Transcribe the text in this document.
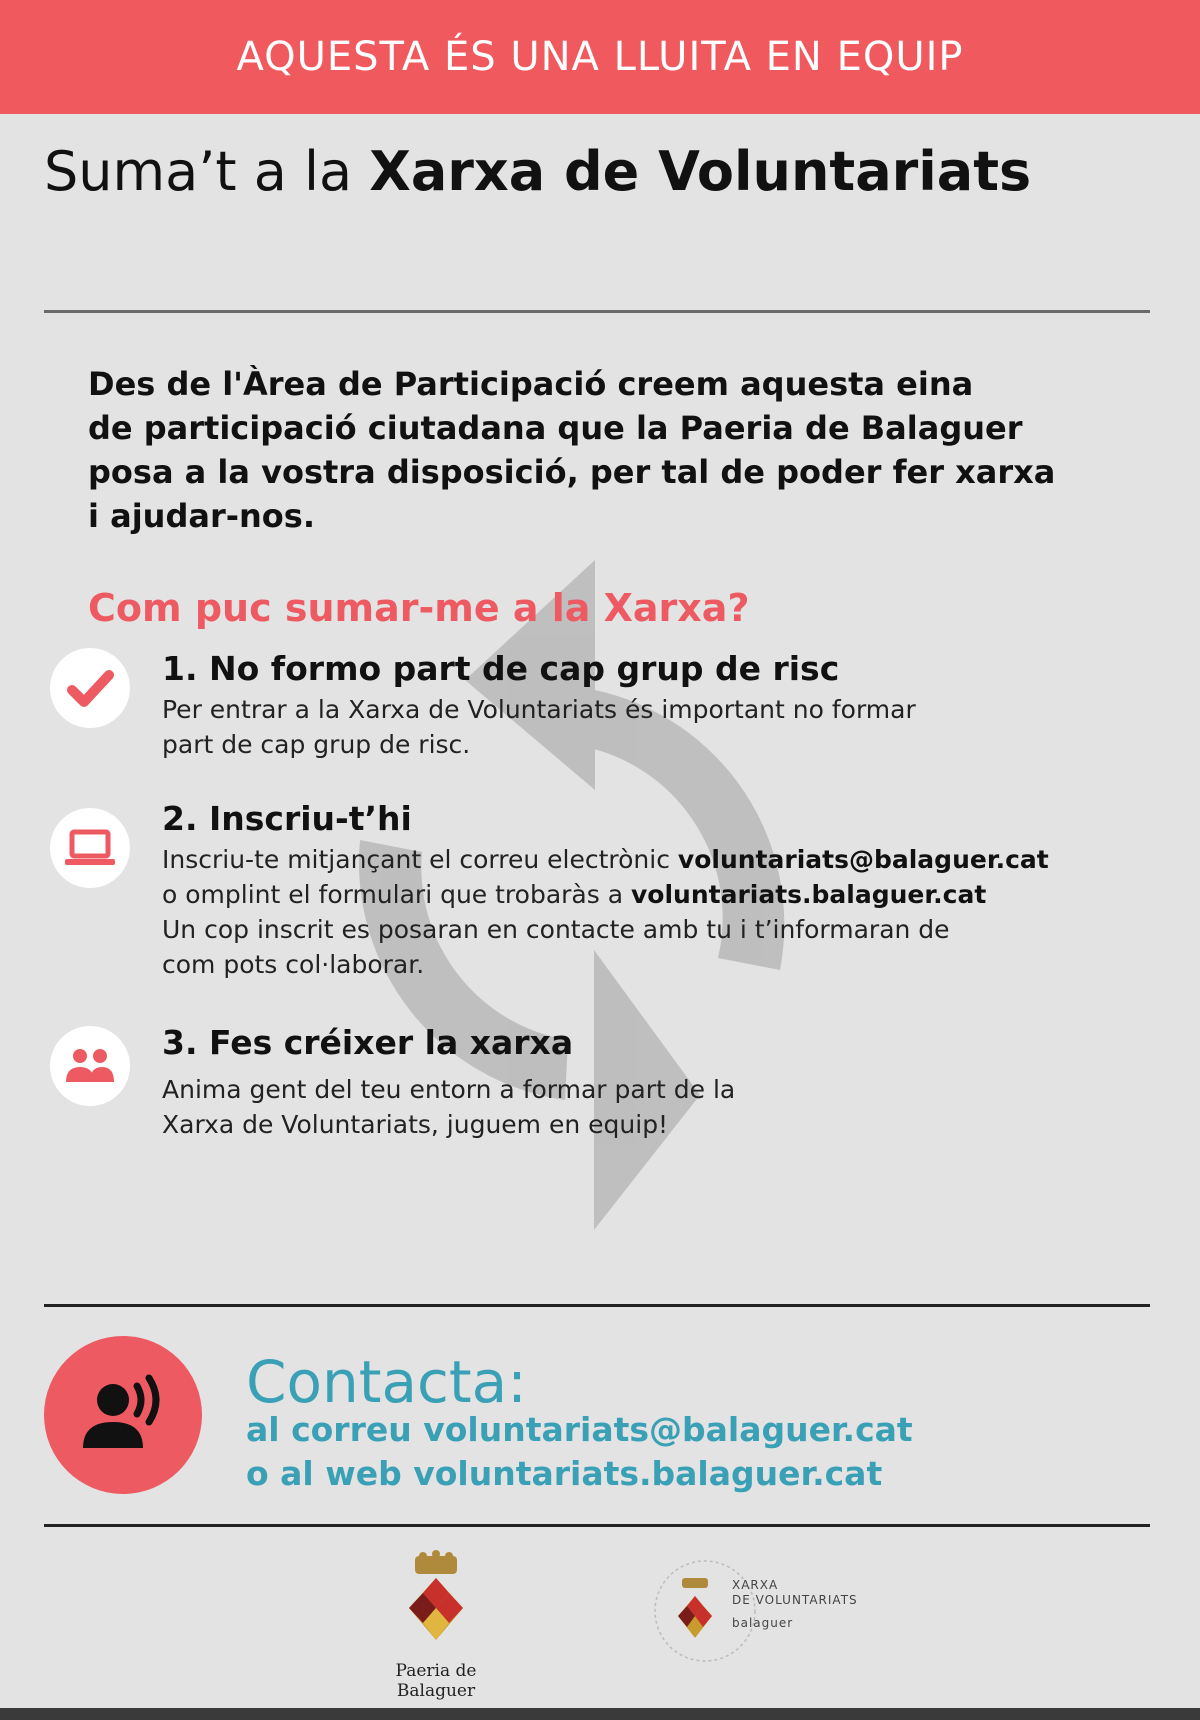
AQUESTA ÉS UNA LLUITA EN EQUIP
Suma’t a la Xarxa de Voluntariats
Des de l'Àrea de Participació creem aquesta eina
de participació ciutadana que la Paeria de Balaguer
posa a la vostra disposició, per tal de poder fer xarxa
i ajudar-nos.
Com puc sumar-me a la Xarxa?
1. No formo part de cap grup de risc
Per entrar a la Xarxa de Voluntariats és important no formar
part de cap grup de risc.
2. Inscriu-t’hi
Inscriu-te mitjançant el correu electrònic voluntariats@balaguer.cat
o omplint el formulari que trobaràs a voluntariats.balaguer.cat
Un cop inscrit es posaran en contacte amb tu i t’informaran de
com pots col·laborar.
3. Fes créixer la xarxa
Anima gent del teu entorn a formar part de la
Xarxa de Voluntariats, juguem en equip!
Contacta:
al correu voluntariats@balaguer.cat
o al web voluntariats.balaguer.cat
Paeria de Balaguer
XARXA
DE VOLUNTARIATS
balaguer
